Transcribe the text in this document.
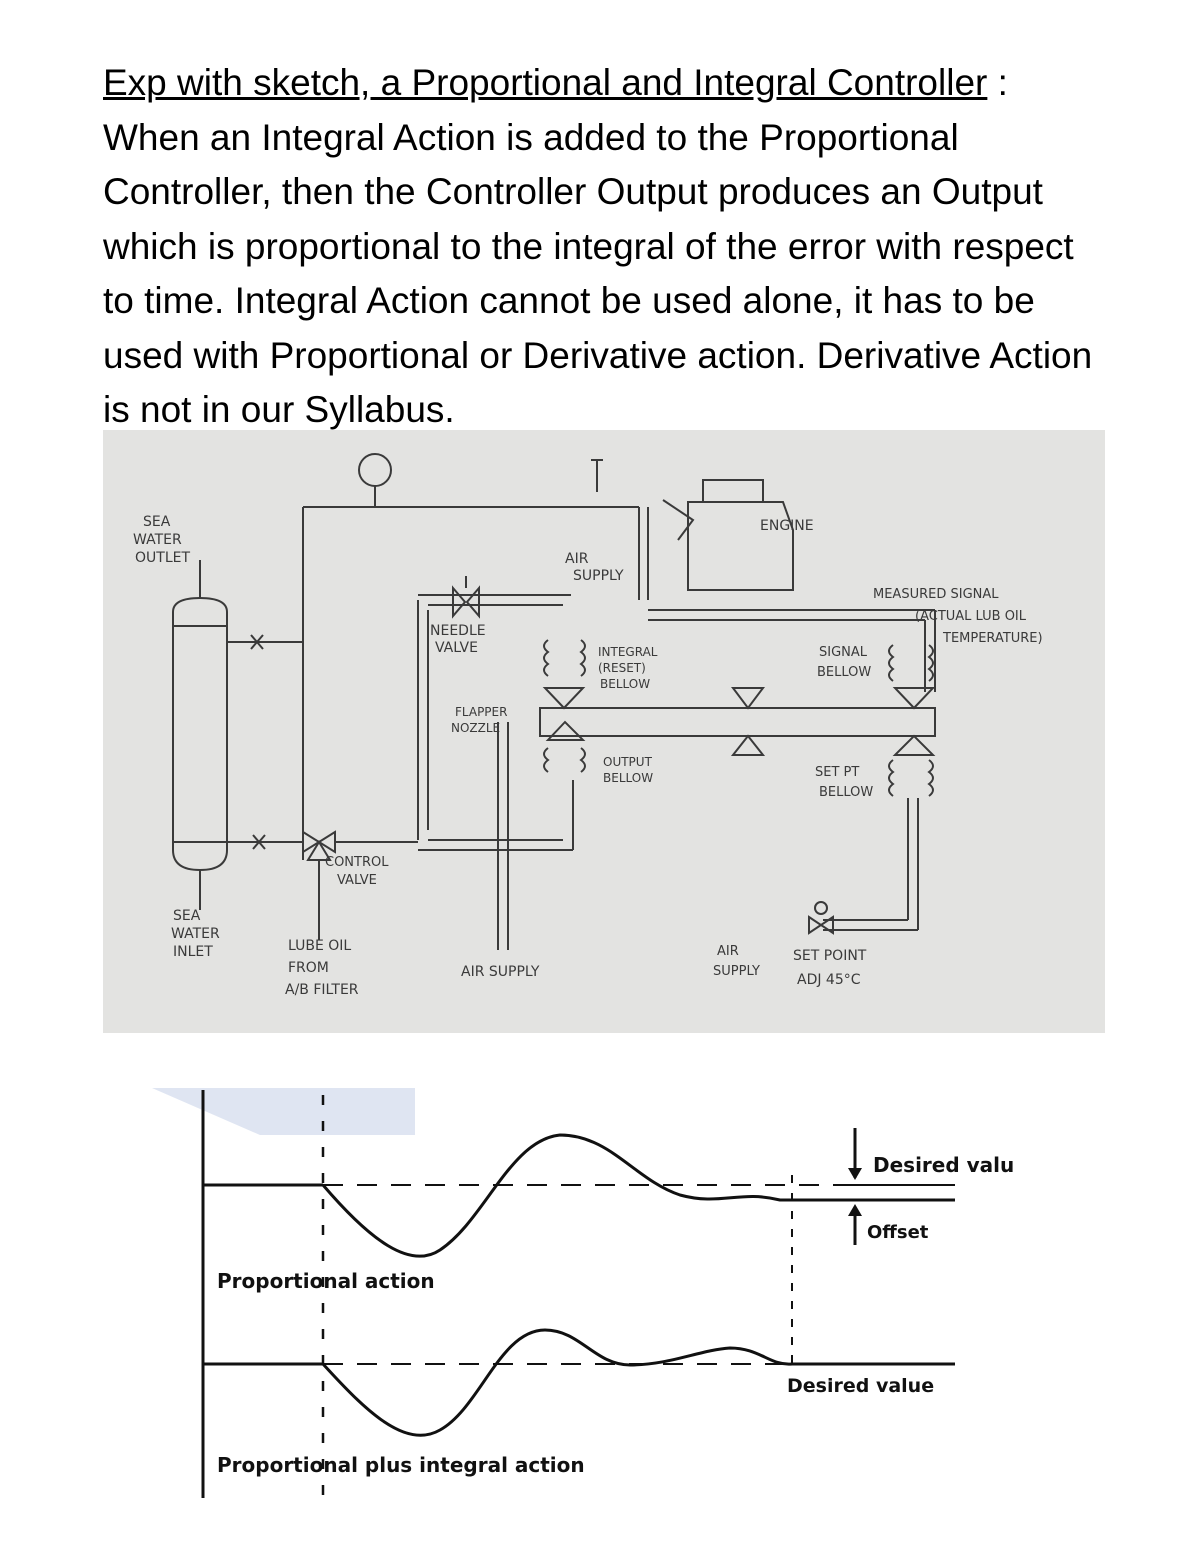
Exp with sketch, a Proportional and Integral Controller :

When an Integral Action is added to the Proportional Controller, then the Controller Output produces an Output which is proportional to the integral of the error with respect to time. Integral Action cannot be used alone, it has to be used with Proportional or Derivative action. Derivative Action is not in our Syllabus.

SEA WATER OUTLET
SEA WATER INLET
ENGINE
AIR SUPPLY
NEEDLE VALVE	INTEGRAL (RESET) BELLOW
MEASURED SIGNAL (ACTUAL LUB OIL TEMPERATURE)
SIGNAL BELLOW
FLAPPER NOZZLE
OUTPUT BELLOW	SET PT BELLOW
CONTROL VALVE
LUBE OIL FROM A/B FILTER
AIR SUPPLY
AIR SUPPLY
SET POINT ADJ 45°C
Desired valu
Offset
Proportional action
Desired value
Proportional plus integral action
